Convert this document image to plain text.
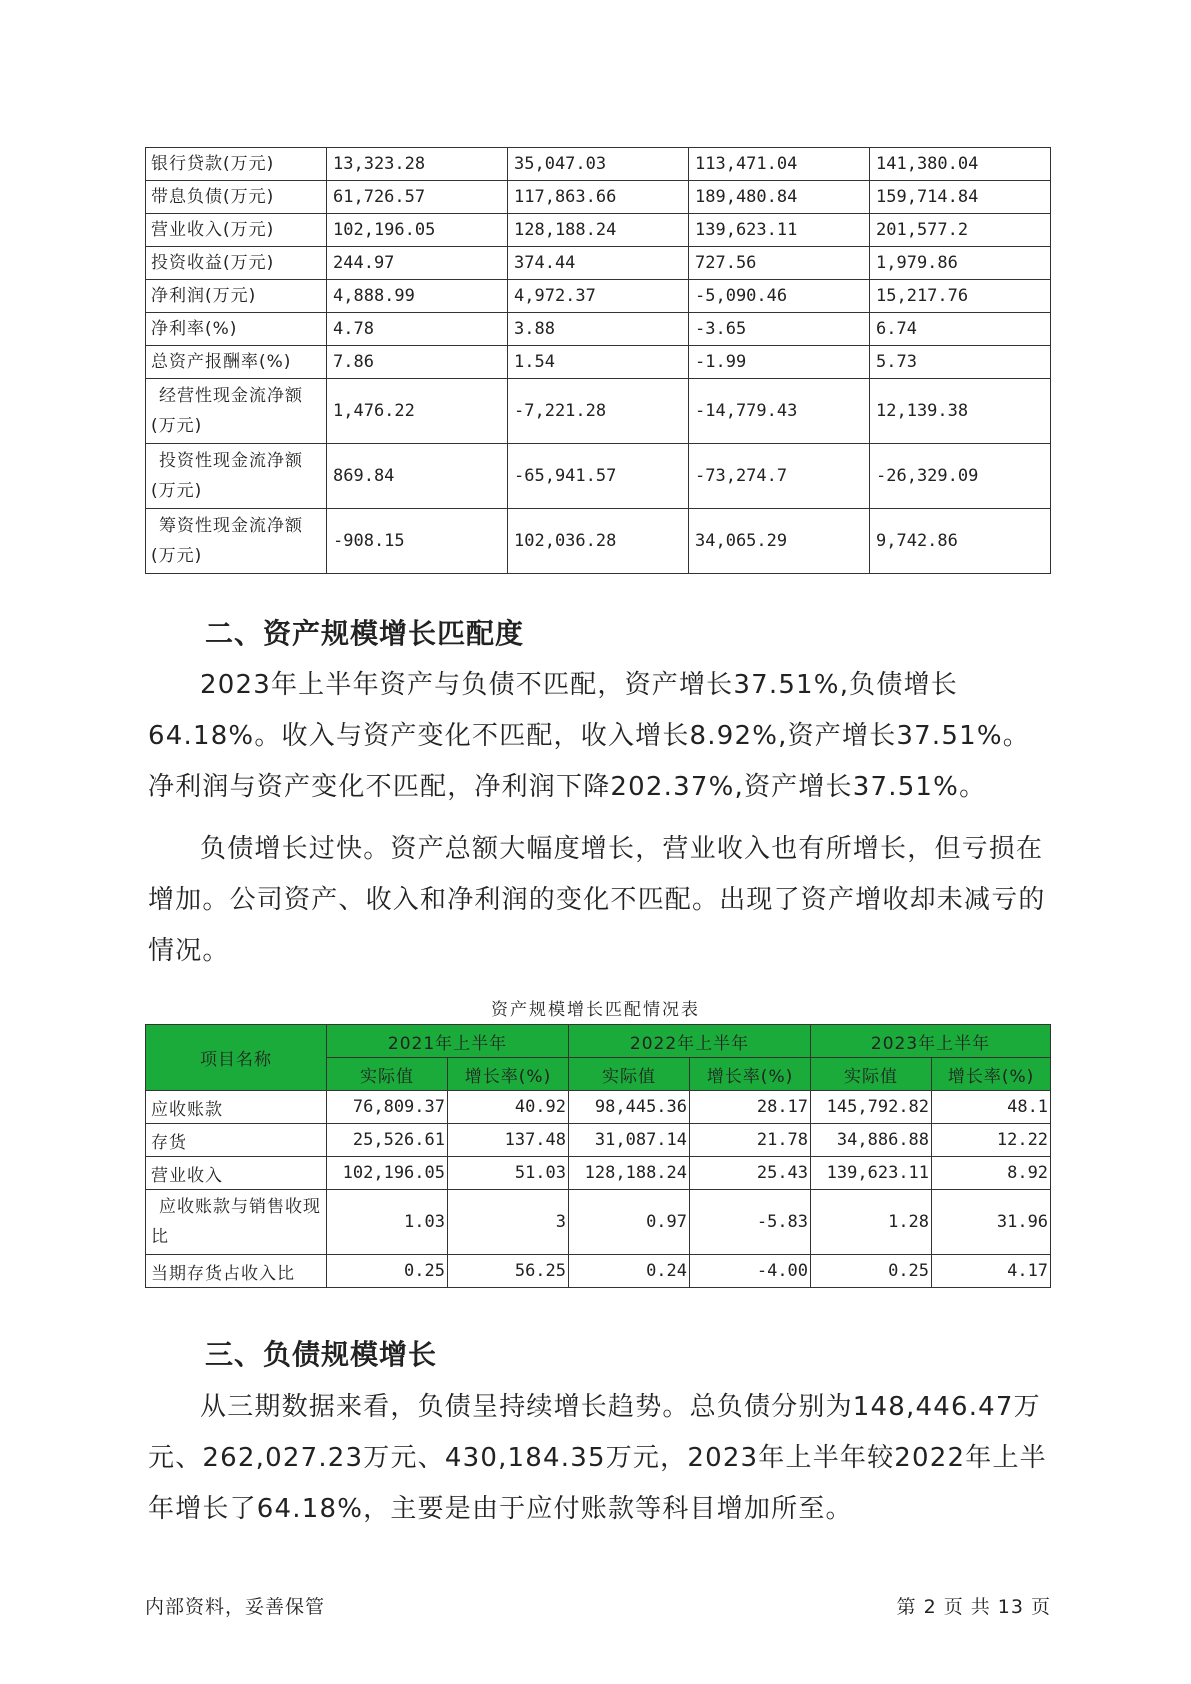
银行贷款(万元)	13,323.28	35,047.03	113,471.04	141,380.04
带息负债(万元)	61,726.57	117,863.66	189,480.84	159,714.84
营业收入(万元)	102,196.05	128,188.24	139,623.11	201,577.2
投资收益(万元)	244.97	374.44	727.56	1,979.86
净利润(万元)	4,888.99	4,972.37	-5,090.46	15,217.76
净利率(%)	4.78	3.88	-3.65	6.74
总资产报酬率(%)	7.86	1.54	-1.99	5.73

经营性现金流净额(万元)	1,476.22	-7,221.28	-14,779.43	12,139.38

投资性现金流净额(万元)	869.84	-65,941.57	-73,274.7	-26,329.09

筹资性现金流净额(万元)	-908.15	102,036.28	34,065.29	9,742.86
二、资产规模增长匹配度

2023年上半年资产与负债不匹配，资产增长37.51%,负债增长64.18%。收入与资产变化不匹配，收入增长8.92%,资产增长37.51%。净利润与资产变化不匹配，净利润下降202.37%,资产增长37.51%。

负债增长过快。资产总额大幅度增长，营业收入也有所增长，但亏损在增加。公司资产、收入和净利润的变化不匹配。出现了资产增收却未减亏的情况。

资产规模增长匹配情况表
项目名称	2021年上半年		2022年上半年		2023年上半年	
	实际值	增长率(%)	实际值	增长率(%)	实际值	增长率(%)
应收账款	76,809.37	40.92	98,445.36	28.17	145,792.82	48.1
存货	25,526.61	137.48	31,087.14	21.78	34,886.88	12.22
营业收入	102,196.05	51.03	128,188.24	25.43	139,623.11	8.92

应收账款与销售收现比	1.03	3	0.97	-5.83	1.28	31.96
当期存货占收入比	0.25	56.25	0.24	-4.00	0.25	4.17
三、负债规模增长

从三期数据来看，负债呈持续增长趋势。总负债分别为148,446.47万元、262,027.23万元、430,184.35万元，2023年上半年较2022年上半年增长了64.18%，主要是由于应付账款等科目增加所至。

内部资料，妥善保管	第 2 页 共 13 页
